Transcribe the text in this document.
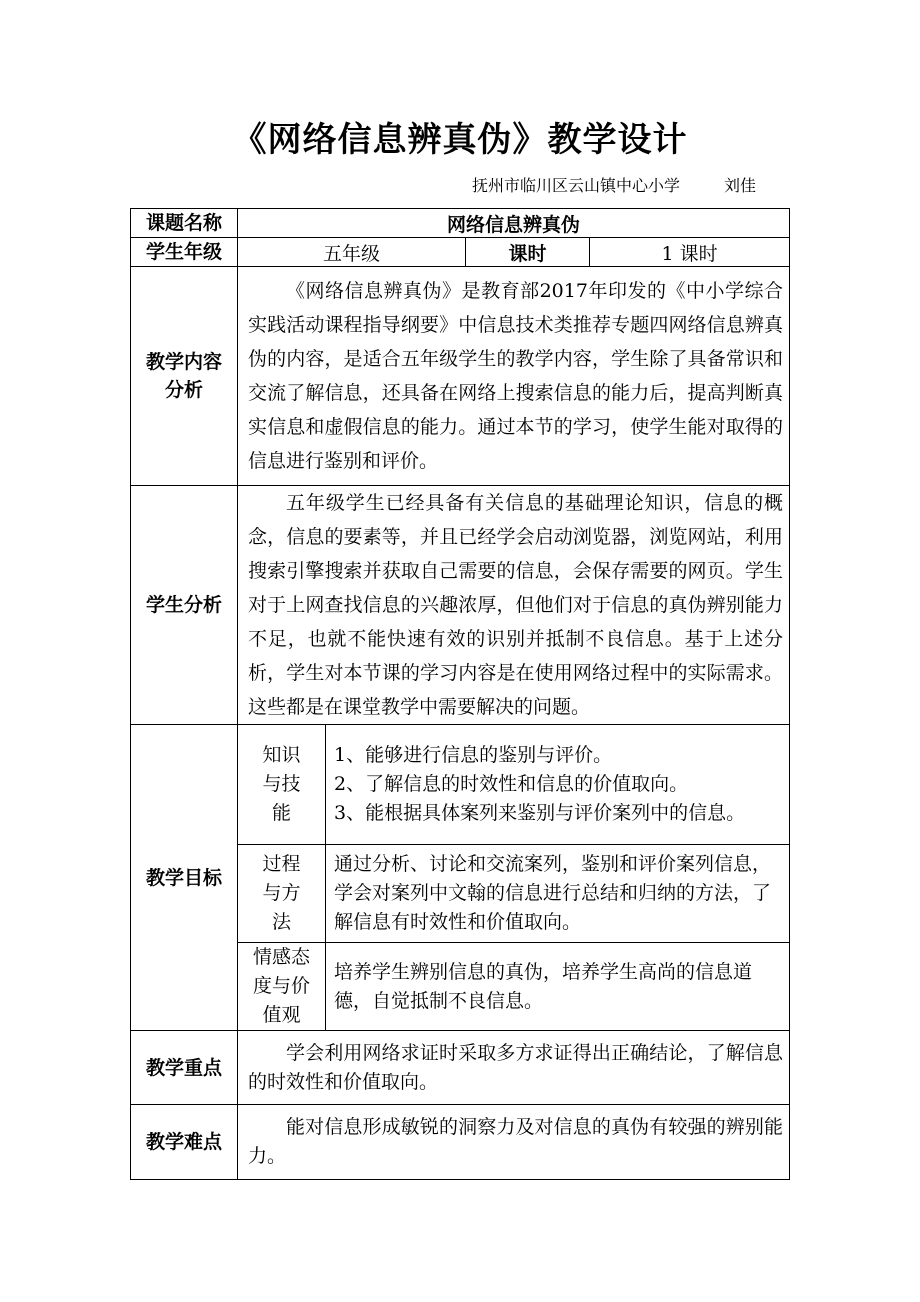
《网络信息辨真伪》教学设计
抚州市临川区云山镇中心小学	刘佳
课题名称	网络信息辨真伪			
学生年级	五年级		课时	1 课时

教学内容分析	《网络信息辨真伪》是教育部2017年印发的《中小学综合实践活动课程指导纲要》中信息技术类推荐专题四网络信息辨真伪的内容，是适合五年级学生的教学内容，学生除了具备常识和交流了解信息，还具备在网络上搜索信息的能力后，提高判断真实信息和虚假信息的能力。通过本节的学习，使学生能对取得的信息进行鉴别和评价。			
学生分析	五年级学生已经具备有关信息的基础理论知识，信息的概念，信息的要素等，并且已经学会启动浏览器，浏览网站，利用搜索引擎搜索并获取自己需要的信息，会保存需要的网页。学生对于上网查找信息的兴趣浓厚，但他们对于信息的真伪辨别能力不足，也就不能快速有效的识别并抵制不良信息。基于上述分析，学生对本节课的学习内容是在使用网络过程中的实际需求。这些都是在课堂教学中需要解决的问题。			
教学目标	知识与技能	1、能够进行信息的鉴别与评价。
2、了解信息的时效性和信息的价值取向。
3、能根据具体案列来鉴别与评价案列中的信息。		

	过程与方法	通过分析、讨论和交流案列，鉴别和评价案列信息，学会对案列中文翰的信息进行总结和归纳的方法，了解信息有时效性和价值取向。		

	情感态度与价值观	培养学生辨别信息的真伪，培养学生高尚的信息道德，自觉抵制不良信息。		

教学重点	学会利用网络求证时采取多方求证得出正确结论，了解信息的时效性和价值取向。			
教学难点	能对信息形成敏锐的洞察力及对信息的真伪有较强的辨别能力。			
